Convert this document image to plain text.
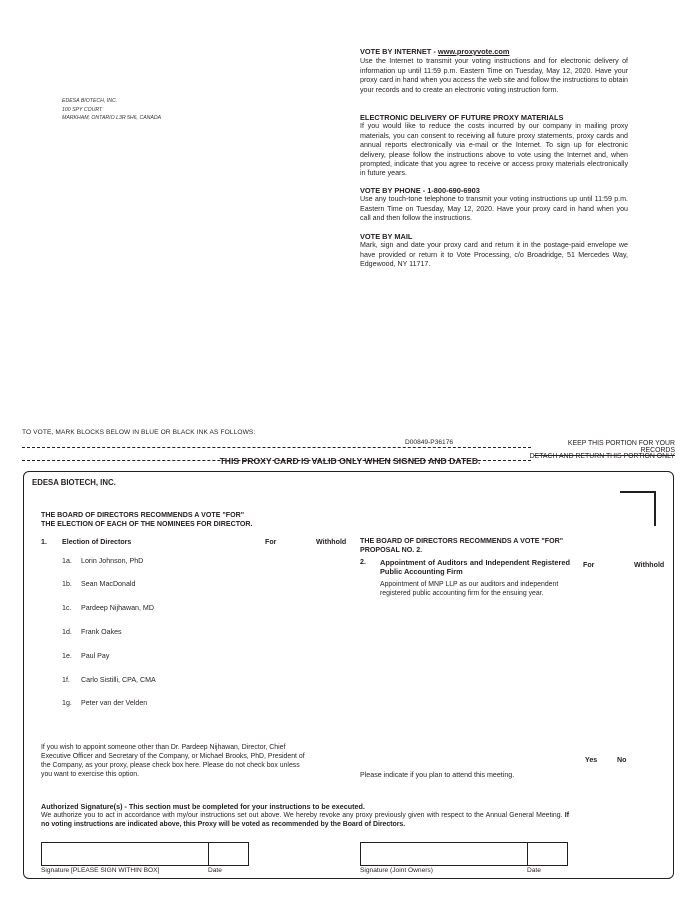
EDESA BIOTECH, INC.
100 SPY COURT
MARKHAM, ONTARIO L3R 5H6, CANADA

VOTE BY INTERNET - www.proxyvote.com

Use the Internet to transmit your voting instructions and for electronic delivery of information up until 11:59 p.m. Eastern Time on Tuesday, May 12, 2020. Have your proxy card in hand when you access the web site and follow the instructions to obtain your records and to create an electronic voting instruction form.

ELECTRONIC DELIVERY OF FUTURE PROXY MATERIALS

If you would like to reduce the costs incurred by our company in mailing proxy materials, you can consent to receiving all future proxy statements, proxy cards and annual reports electronically via e-mail or the Internet. To sign up for electronic delivery, please follow the instructions above to vote using the Internet and, when prompted, indicate that you agree to receive or access proxy materials electronically in future years.

VOTE BY PHONE - 1-800-690-6903

Use any touch-tone telephone to transmit your voting instructions up until 11:59 p.m. Eastern Time on Tuesday, May 12, 2020. Have your proxy card in hand when you call and then follow the instructions.

VOTE BY MAIL

Mark, sign and date your proxy card and return it in the postage-paid envelope we have provided or return it to Vote Processing, c/o Broadridge, 51 Mercedes Way, Edgewood, NY 11717.

TO VOTE, MARK BLOCKS BELOW IN BLUE OR BLACK INK AS FOLLOWS:
D00849-P36176	KEEP THIS PORTION FOR YOUR RECORDS
DETACH AND RETURN THIS PORTION ONLY
THIS PROXY CARD IS VALID ONLY WHEN SIGNED AND DATED.
EDESA BIOTECH, INC.
THE BOARD OF DIRECTORS RECOMMENDS A VOTE "FOR"
THE ELECTION OF EACH OF THE NOMINEES FOR DIRECTOR.
1. Election of Directors	For	Withhold
1a. Lorin Johnson, PhD
1b. Sean MacDonald
1c. Pardeep Nijhawan, MD
1d. Frank Oakes
1e. Paul Pay
1f. Carlo Sistilli, CPA, CMA
1g. Peter van der Velden
THE BOARD OF DIRECTORS RECOMMENDS A VOTE "FOR"
PROPOSAL NO. 2.
2. Appointment of Auditors and Independent Registered Public Accounting Firm
Appointment of MNP LLP as our auditors and independent registered public accounting firm for the ensuing year.
For	Withhold
If you wish to appoint someone other than Dr. Pardeep Nijhawan, Director, Chief Executive Officer and Secretary of the Company, or Michael Brooks, PhD, President of the Company, as your proxy, please check box here. Please do not check box unless you want to exercise this option.	Please indicate if you plan to attend this meeting.
Yes	No
Authorized Signature(s) - This section must be completed for your instructions to be executed.
We authorize you to act in accordance with my/our instructions set out above. We hereby revoke any proxy previously given with respect to the Annual General Meeting. If no voting instructions are indicated above, this Proxy will be voted as recommended by the Board of Directors.
Signature [PLEASE SIGN WITHIN BOX]	Date	Signature (Joint Owners)	Date
